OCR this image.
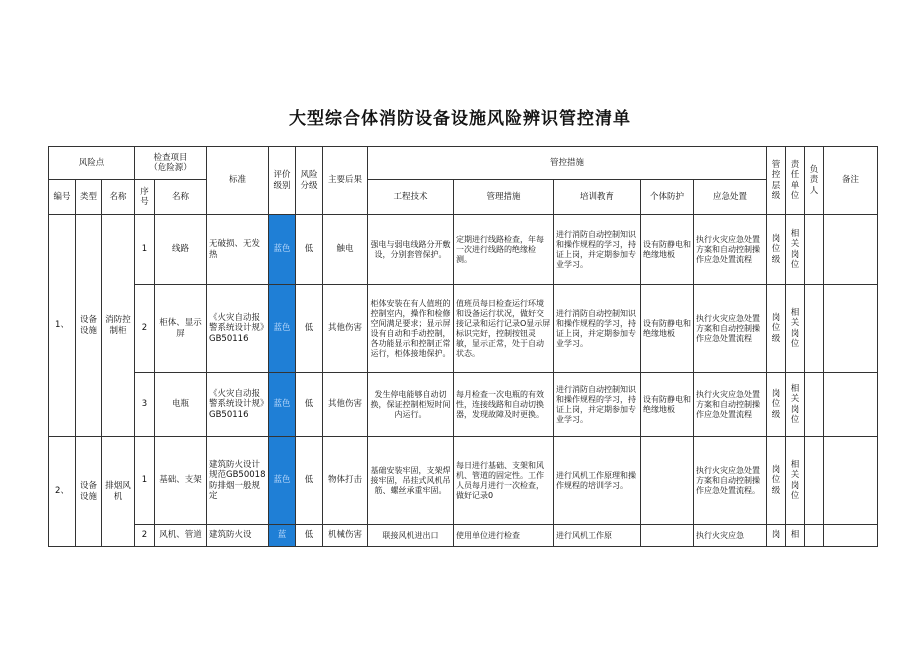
大型综合体消防设备设施风险辨识管控清单
风险点			检查项目
（危险源）		标准	评价级别	风险分级	主要后果	管控措施					管控层级	责任单位	负责人	备注
编号	类型	名称	序号	名称					工程技术	管理措施	培训教育	个体防护	应急处置				
1、	设备设施	消防控制柜	1	线路	无破损、无发热	蓝色	低	触电	强电与弱电线路分开敷设，分别套管保护。	定期进行线路检查，年每一次进行线路的绝缘检测。	进行消防自动控制知识和操作规程的学习，持证上岗，并定期参加专业学习。	设有防静电和绝缘地板	执行火灾应急处置方案和自动控制操作应急处置流程	岗位级	相关岗位		
			2	柜体、显示屏	《火灾自动报警系统设计规》GB50116	蓝色	低	其他伤害	柜体安装在有人值班的控制室内，操作和检修空间满足要求；显示屏设有自动和手动控制，各功能显示和控制正常运行，柜体接地保护。	值班员每日检查运行环境和设备运行状况，做好交接记录和运行记录O显示屏标识完好，控制按钮灵敏，显示正常，处于自动状态。	进行消防自动控制知识和操作规程的学习，持证上岗，并定期参加专业学习。	设有防静电和绝缘地板	执行火灾应急处置方案和自动控制操作应急处置流程	岗位级	相关岗位		
			3	电瓶	《火灾自动报警系统设计规》GB50116	蓝色	低	其他伤害	发生停电能够自动切换，保证控制柜短时间内运行。	每月检查一次电瓶的有效性，连接线路和自动切换器，发现故障及时更换。	进行消防自动控制知识和操作规程的学习，持证上岗，并定期参加专业学习。	设有防静电和绝缘地板	执行火灾应急处置方案和自动控制操作应急处置流程	岗位级	相关岗位		
2、	设备设施	排烟风机	1	基础、支架	建筑防火设计规范GB50018防排烟一般规定	蓝色	低	物体打击	基础安装牢固，支架焊接牢固，吊挂式风机吊筋、螺丝承重牢固。	每日进行基础、支架和风机、管道的固定性。工作人员每月进行一次检查，做好记录0	进行风机工作原理和操作规程的培训学习。		执行火灾应急处置方案和自动控制操作应急处置流程。	岗位级	相关岗位		
			2	风机、管道	建筑防火设	蓝	低	机械伤害	联接风机进出口	使用单位进行检查	进行风机工作原		执行火灾应急	岗	相		
